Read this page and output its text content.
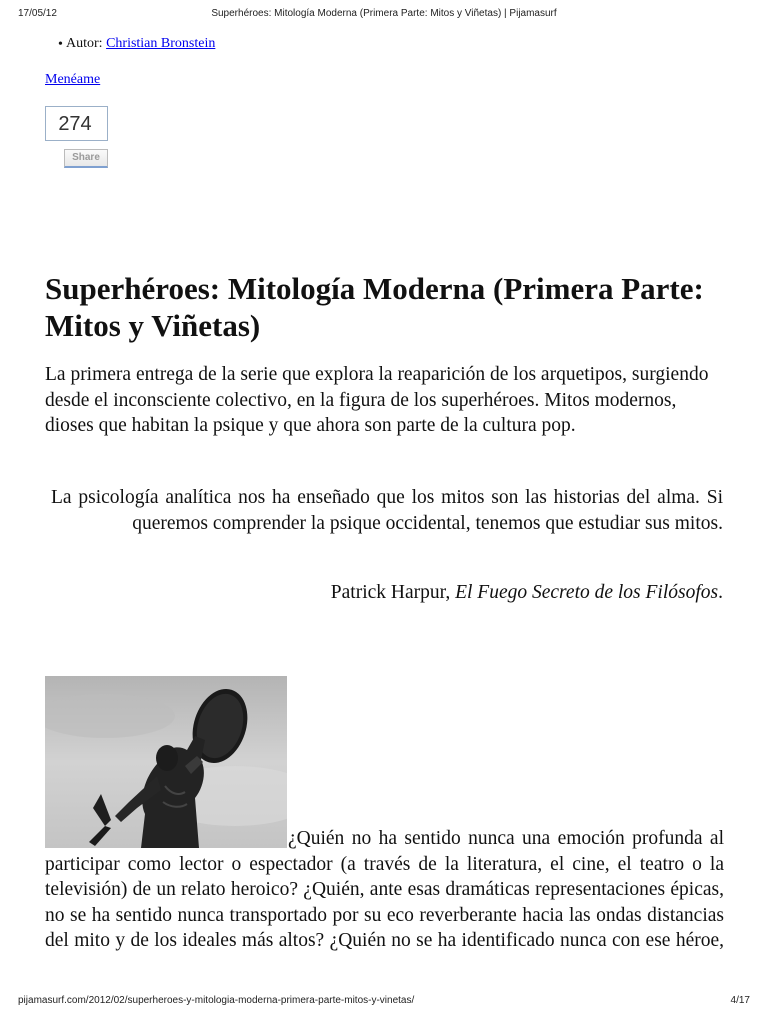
17/05/12	Superhéroes: Mitología Moderna (Primera Parte: Mitos y Viñetas) | Pijamasurf
• Autor: Christian Bronstein
Menéame
274
Share
Superhéroes: Mitología Moderna (Primera Parte: Mitos y Viñetas)

La primera entrega de la serie que explora la reaparición de los arquetipos, surgiendo desde el inconsciente colectivo, en la figura de los superhéroes. Mitos modernos, dioses que habitan la psique y que ahora son parte de la cultura pop.

La psicología analítica nos ha enseñado que los mitos son las historias del alma. Si queremos comprender la psique occidental, tenemos que estudiar sus mitos.

Patrick Harpur, El Fuego Secreto de los Filósofos.

¿Quién no ha sentido nunca una emoción profunda al participar como lector o espectador (a través de la literatura, el cine, el teatro o la televisión) de un relato heroico? ¿Quién, ante esas dramáticas representaciones épicas, no se ha sentido nunca transportado por su eco reverberante hacia las ondas distancias del mito y de los ideales más altos? ¿Quién no se ha identificado nunca con ese héroe,

pijamasurf.com/2012/02/superheroes-y-mitologia-moderna-primera-parte-mitos-y-vinetas/	4/17
